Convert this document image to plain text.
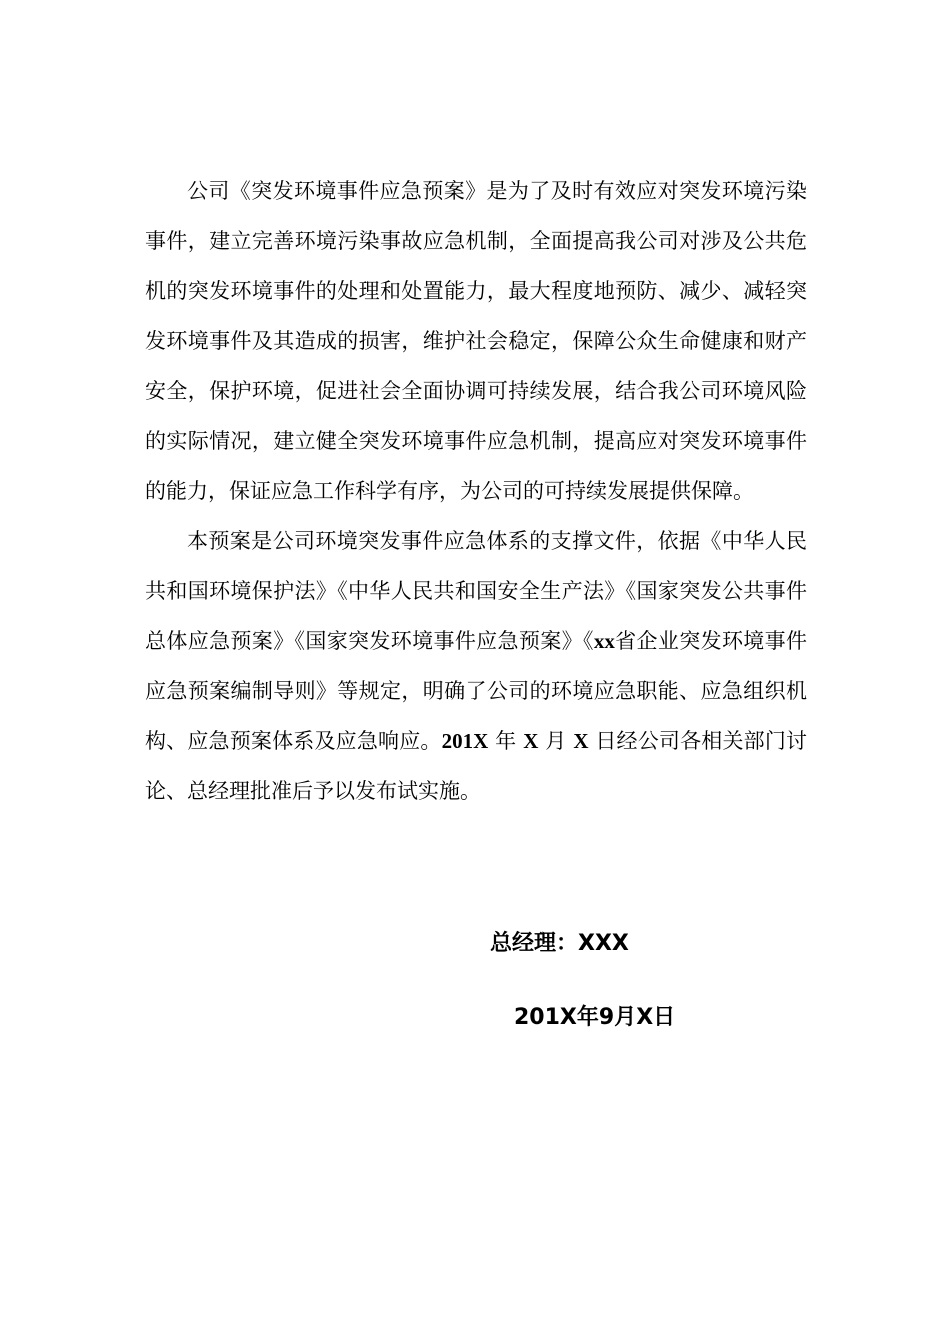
公司《突发环境事件应急预案》是为了及时有效应对突发环境污染事件，建立完善环境污染事故应急机制，全面提高我公司对涉及公共危机的突发环境事件的处理和处置能力，最大程度地预防、减少、减轻突发环境事件及其造成的损害，维护社会稳定，保障公众生命健康和财产安全，保护环境，促进社会全面协调可持续发展，结合我公司环境风险的实际情况，建立健全突发环境事件应急机制，提高应对突发环境事件的能力，保证应急工作科学有序，为公司的可持续发展提供保障。

本预案是公司环境突发事件应急体系的支撑文件，依据《中华人民共和国环境保护法》《中华人民共和国安全生产法》《国家突发公共事件总体应急预案》《国家突发环境事件应急预案》《xx省企业突发环境事件应急预案编制导则》等规定，明确了公司的环境应急职能、应急组织机构、应急预案体系及应急响应。201X 年 X 月 X 日经公司各相关部门讨论、总经理批准后予以发布试实施。

总经理：XXX
201X年9月X日
